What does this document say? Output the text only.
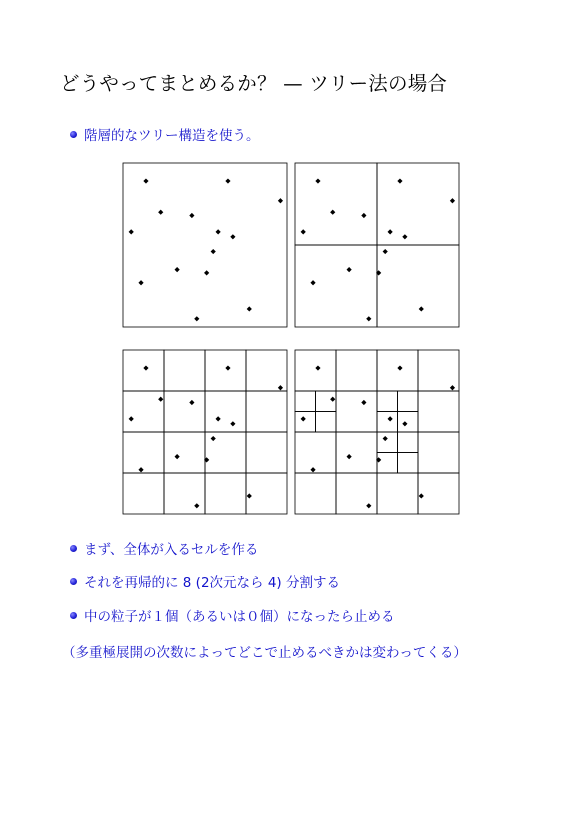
どうやってまとめるか？ — ツリー法の場合
階層的なツリー構造を使う。
まず、全体が入るセルを作る
それを再帰的に 8 (2次元なら 4) 分割する
中の粒子が１個（あるいは０個）になったら止める
（多重極展開の次数によってどこで止めるべきかは変わってくる）
